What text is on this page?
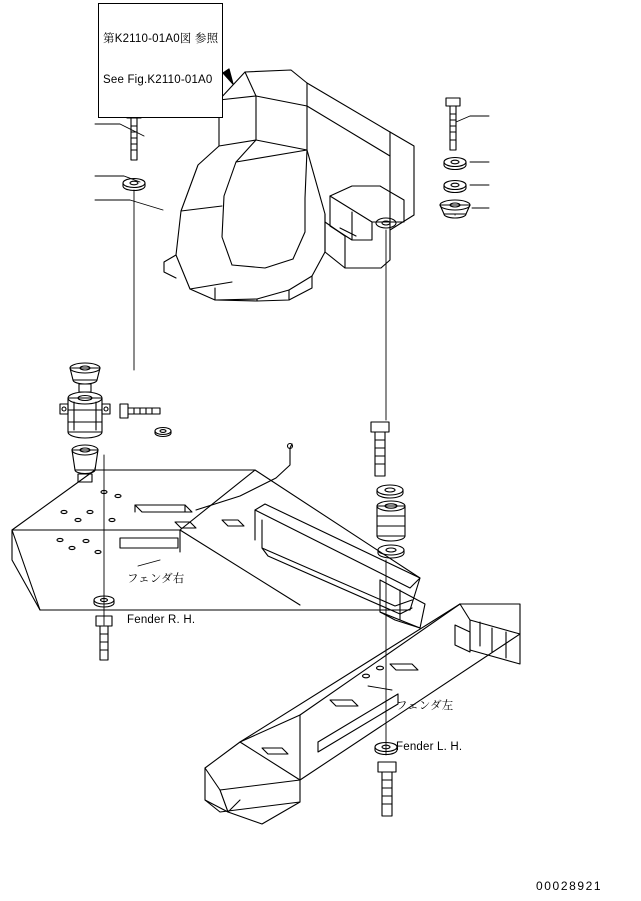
第K2110-01A0図 参照

See Fig.K2110-01A0

フェンダ右

Fender R. H.

フェンダ左

Fender L. H.

00028921
